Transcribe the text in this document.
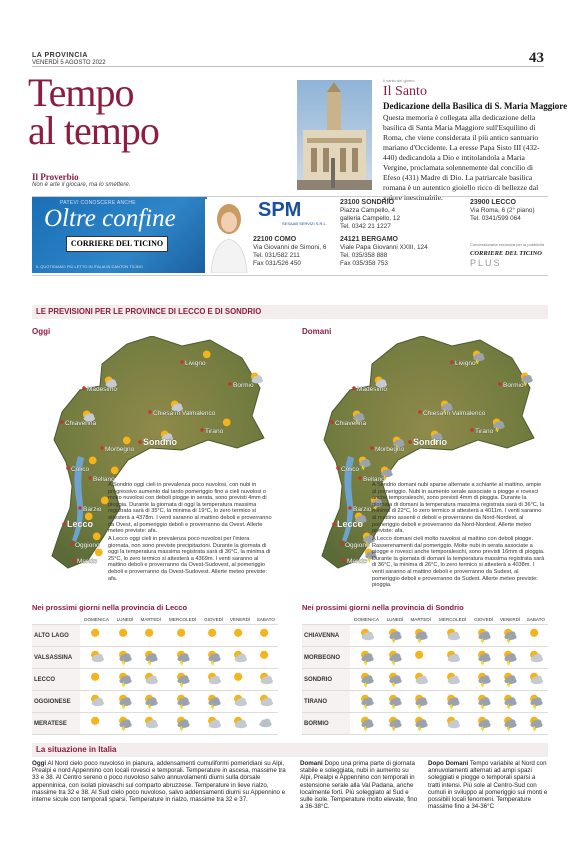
LA PROVINCIA
VENERDÌ 5 AGOSTO 2022	43
Tempo
al tempo
Il Proverbio
Non è arte il giocare, ma lo smettere.
Il santo del giorno
Il Santo
Dedicazione della Basilica di S. Maria Maggiore
Questa memoria è collegata alla dedicazione della basilica di Santa Maria Maggiore sull'Esquilino di Roma, che viene considerata il più antico santuario mariano d'Occidente. La eresse Papa Sisto III (432-440) dedicandola a Dio e intitolandola a Maria Vergine, proclamata solennemente dal concilio di Efeso (431) Madre di Dio. La patriarcale basilica romana è un autentico gioiello ricco di bellezze dal valore inestimabile.
PATEVI CONOSCERE ANCHE
Oltre confine
CORRIERE DEL TICINO
IL QUOTIDIANO PIÙ LETTO IN ITALIA IN CANTON TICINO
SPM
SESAAB SERVIZI S.R.L.
23100 SONDRIO
Piazza Campello, 4
galleria Campello, 12
Tel. 0342 21 1227
23900 LECCO
Via Roma, 6 (2° piano)
Tel. 0341/599 064
22100 COMO
Via Giovanni de Simoni, 6
Tel. 031/582 211
Fax 031/526 450
24121 BERGAMO
Viale Papa Giovanni XXIII, 124
Tel. 035/358 888
Fax 035/358 753
Concessionaria esclusiva per la pubblicità
CORRIERE DEL TICINO
PLUS
LE PREVISIONI PER LE PROVINCE DI LECCO E DI SONDRIO
Oggi	Domani
Madesimo
Livigno
Bormio
Chiavenna
Chiesa in Valmalenco
Morbegno
Sondrio
Tirano
Colico
Bellano
Barzio
Lecco
Oggiono
Merate
Madesimo
Livigno
Bormio
Chiavenna
Chiesa in Valmalenco
Morbegno
Sondrio
Tirano
Colico
Bellano
Barzio
Lecco
Oggiono
Merate
A Sondrio oggi cieli in prevalenza poco nuvolosi, con nubi in progressivo aumento dal tardo pomeriggio fino a cieli nuvolosi o molto nuvolosi con deboli piogge in serata, sono previsti 4mm di pioggia. Durante la giornata di oggi la temperatura massima registrata sarà di 35°C, la minima di 19°C, lo zero termico si attesterà a 4378m. I venti saranno al mattino deboli e proverranno da Ovest, al pomeriggio deboli e proverranno da Ovest. Allerte meteo previste: afa.
A Lecco oggi cieli in prevalenza poco nuvolosi per l'intera giornata, non sono previste precipitazioni. Durante la giornata di oggi la temperatura massima registrata sarà di 36°C, la minima di 25°C, lo zero termico si attesterà a 4369m. I venti saranno al mattino deboli e proverranno da Ovest-Sudovest, al pomeriggio deboli e proverranno da Ovest-Sudovest. Allerte meteo previste: afa.
A Sondrio domani nubi sparse alternate a schiarite al mattino, ampie al pomeriggio. Nubi in aumento serale associate a piogge e rovesci anche temporaleschi, sono previsti 4mm di pioggia. Durante la giornata di domani la temperatura massima registrata sarà di 36°C, la minima di 22°C, lo zero termico si attesterà a 4011m. I venti saranno al mattino assenti o deboli e proverranno da Nord-Nordest, al pomeriggio deboli e proverranno da Nord-Nordest. Allerte meteo previste: afa.
A Lecco domani cieli molto nuvolosi al mattino con deboli piogge. Rasserenamenti dal pomeriggio. Molte nubi in serata associate a piogge e rovesci anche temporaleschi, sono previsti 16mm di pioggia. Durante la giornata di domani la temperatura massima registrata sarà di 36°C, la minima di 26°C, lo zero termico si attesterà a 4038m. I venti saranno al mattino deboli e proverranno da Sudest, al pomeriggio deboli e proverranno da Sudest. Allerte meteo previste: pioggia.
Nei prossimi giorni nella provincia di Lecco	Nei prossimi giorni nella provincia di Sondrio
	DOMENICA	LUNEDÌ	MARTEDÌ	MERCOLEDÌ	GIOVEDÌ	VENERDÌ	SABATO
ALTO LAGO							
VALSASSINA							
LECCO							
OGGIONESE							
MERATESE							
	DOMENICA	LUNEDÌ	MARTEDÌ	MERCOLEDÌ	GIOVEDÌ	VENERDÌ	SABATO
CHIAVENNA							
MORBEGNO							
SONDRIO							
TIRANO							
BORMIO							
La situazione in Italia
Oggi Al Nord cielo poco nuvoloso in pianura, addensamenti cumuliformi pomeridiani su Alpi, Prealpi e nord Appennino con locali rovesci e temporali. Temperature in ascesa, massime tra 33 e 38. Al Centro sereno o poco nuvoloso salvo annuvolamenti diurni sulla dorsale appenninica, con isolati piovaschi sul comparto abruzzese. Temperature in lieve rialzo, massime tra 32 e 38. Al Sud cielo poco nuvoloso, salvo addensamenti diurni su Appennino e interne sicule con temporali sparsi. Temperature in rialzo, massime tra 32 e 37.
Domani Dopo una prima parte di giornata stabile e soleggiata, nubi in aumento su Alpi, Prealpi e Appennino con temporali in estensione serale alla Val Padana, anche localmente forti. Più soleggiato al Sud e sulle isole. Temperature molto elevate, fino a 36-38°C.
Dopo Domani Tempo variabile al Nord con annuvolamenti alternati ad ampi spazi soleggiati e piogge o temporali sparsi a tratti intensi. Più sole al Centro-Sud con cumuli in sviluppo al pomeriggio sui monti e possibili locali fenomeni. Temperature massime fino a 34-36°C
